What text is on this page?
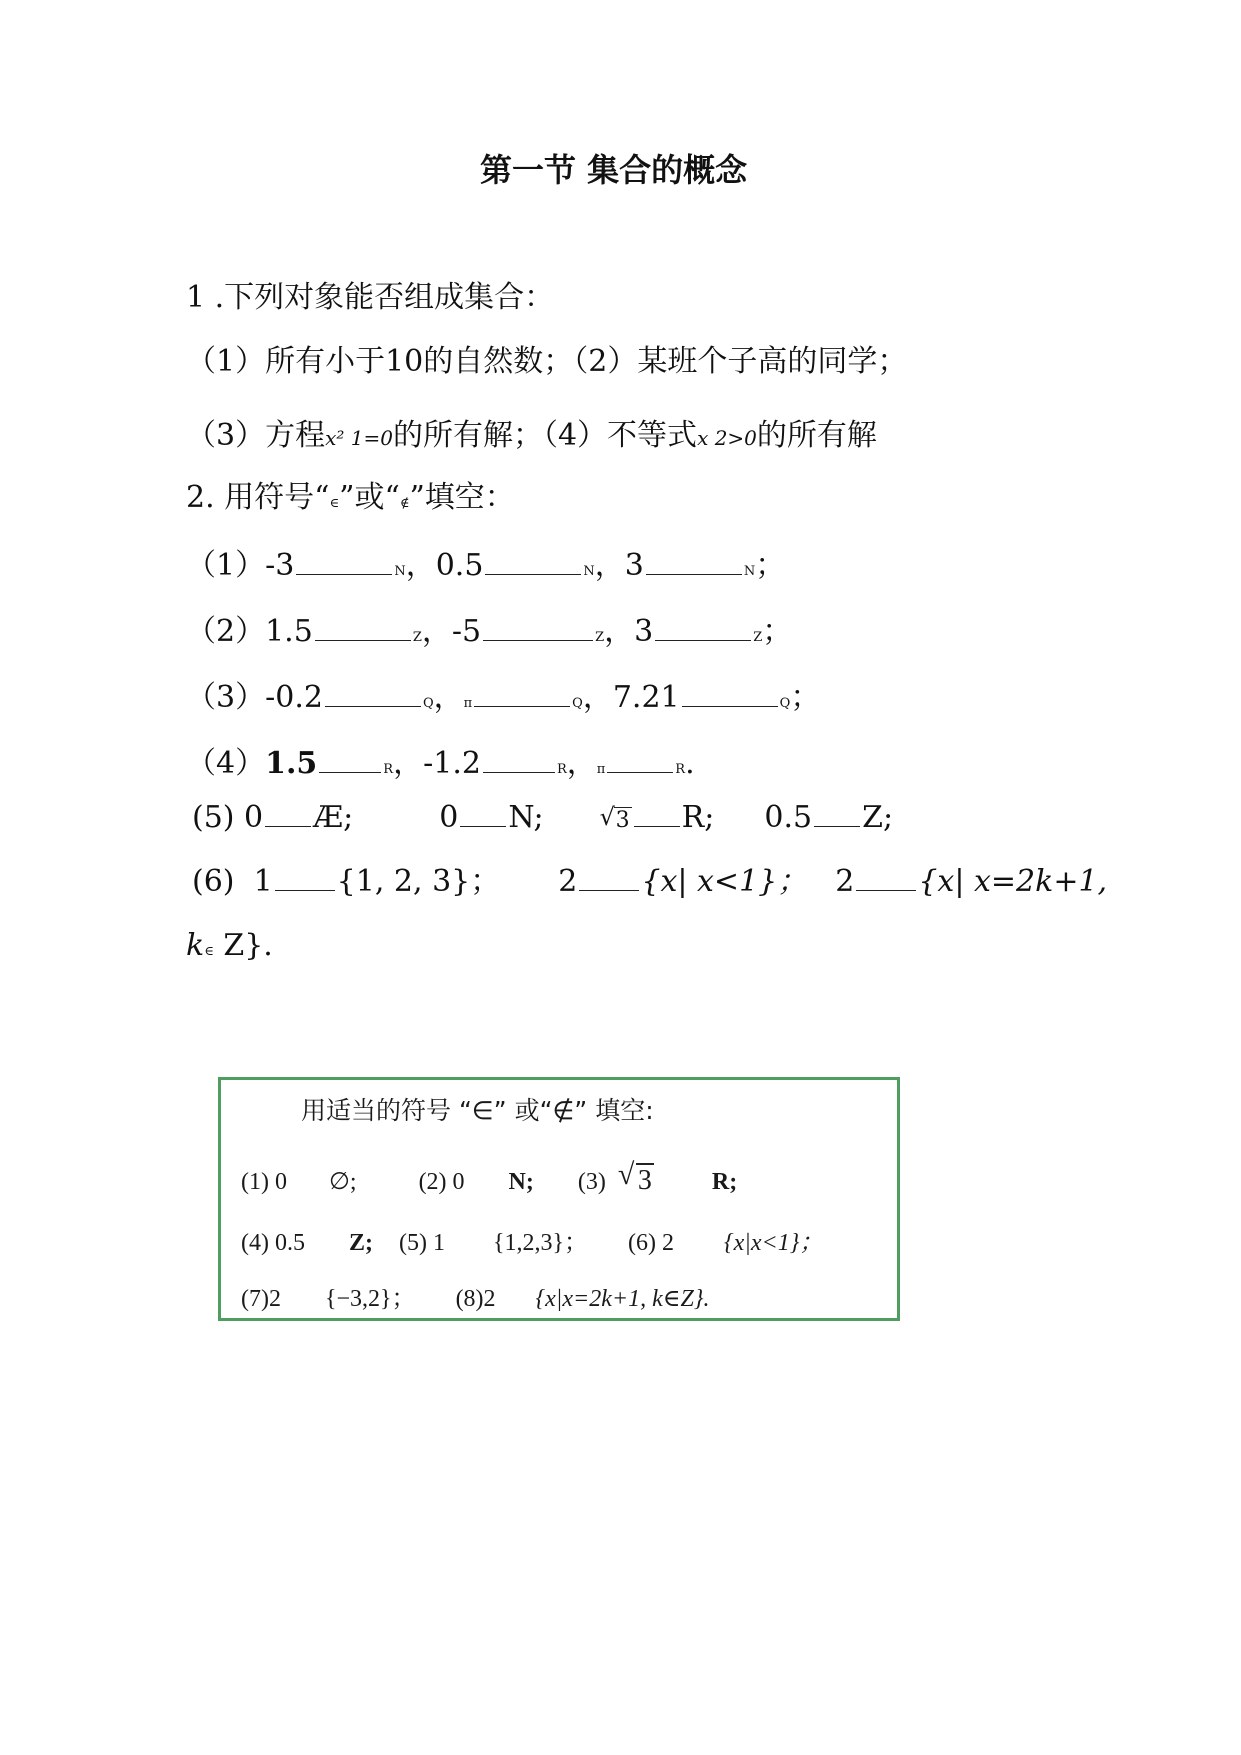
第一节 集合的概念
1 .下列对象能否组成集合：
（1）所有小于10的自然数；（2）某班个子高的同学；
（3）方程x² 1=0的所有解；（4）不等式x 2>0的所有解
2. 用符号“∈”或“∉”填空：
（1）-3	N，0.5	N，3	N；
（2）1.5	Z，-5	Z，3	Z；
（3）-0.2	Q，π	Q，7.21	Q；
（4）1.5	R，-1.2	R，π	R.
(5) 0 Æ;	0 N;	√ 3 R; 0.5 Z;
(6) 1 {1, 2, 3}； 2 {x| x<1}； 2 {x| x=2k+1,
k∈ Z}.
用适当的符号 “∈” 或“∉” 填空:
(1) 0 ∅;	(2) 0 N; (3) √ 3	R;
(4) 0.5 Z; (5) 1 {1,2,3}； (6) 2 {x|x<1}；
(7)2 {−3,2}； (8)2 {x|x=2k+1, k∈Z}.
